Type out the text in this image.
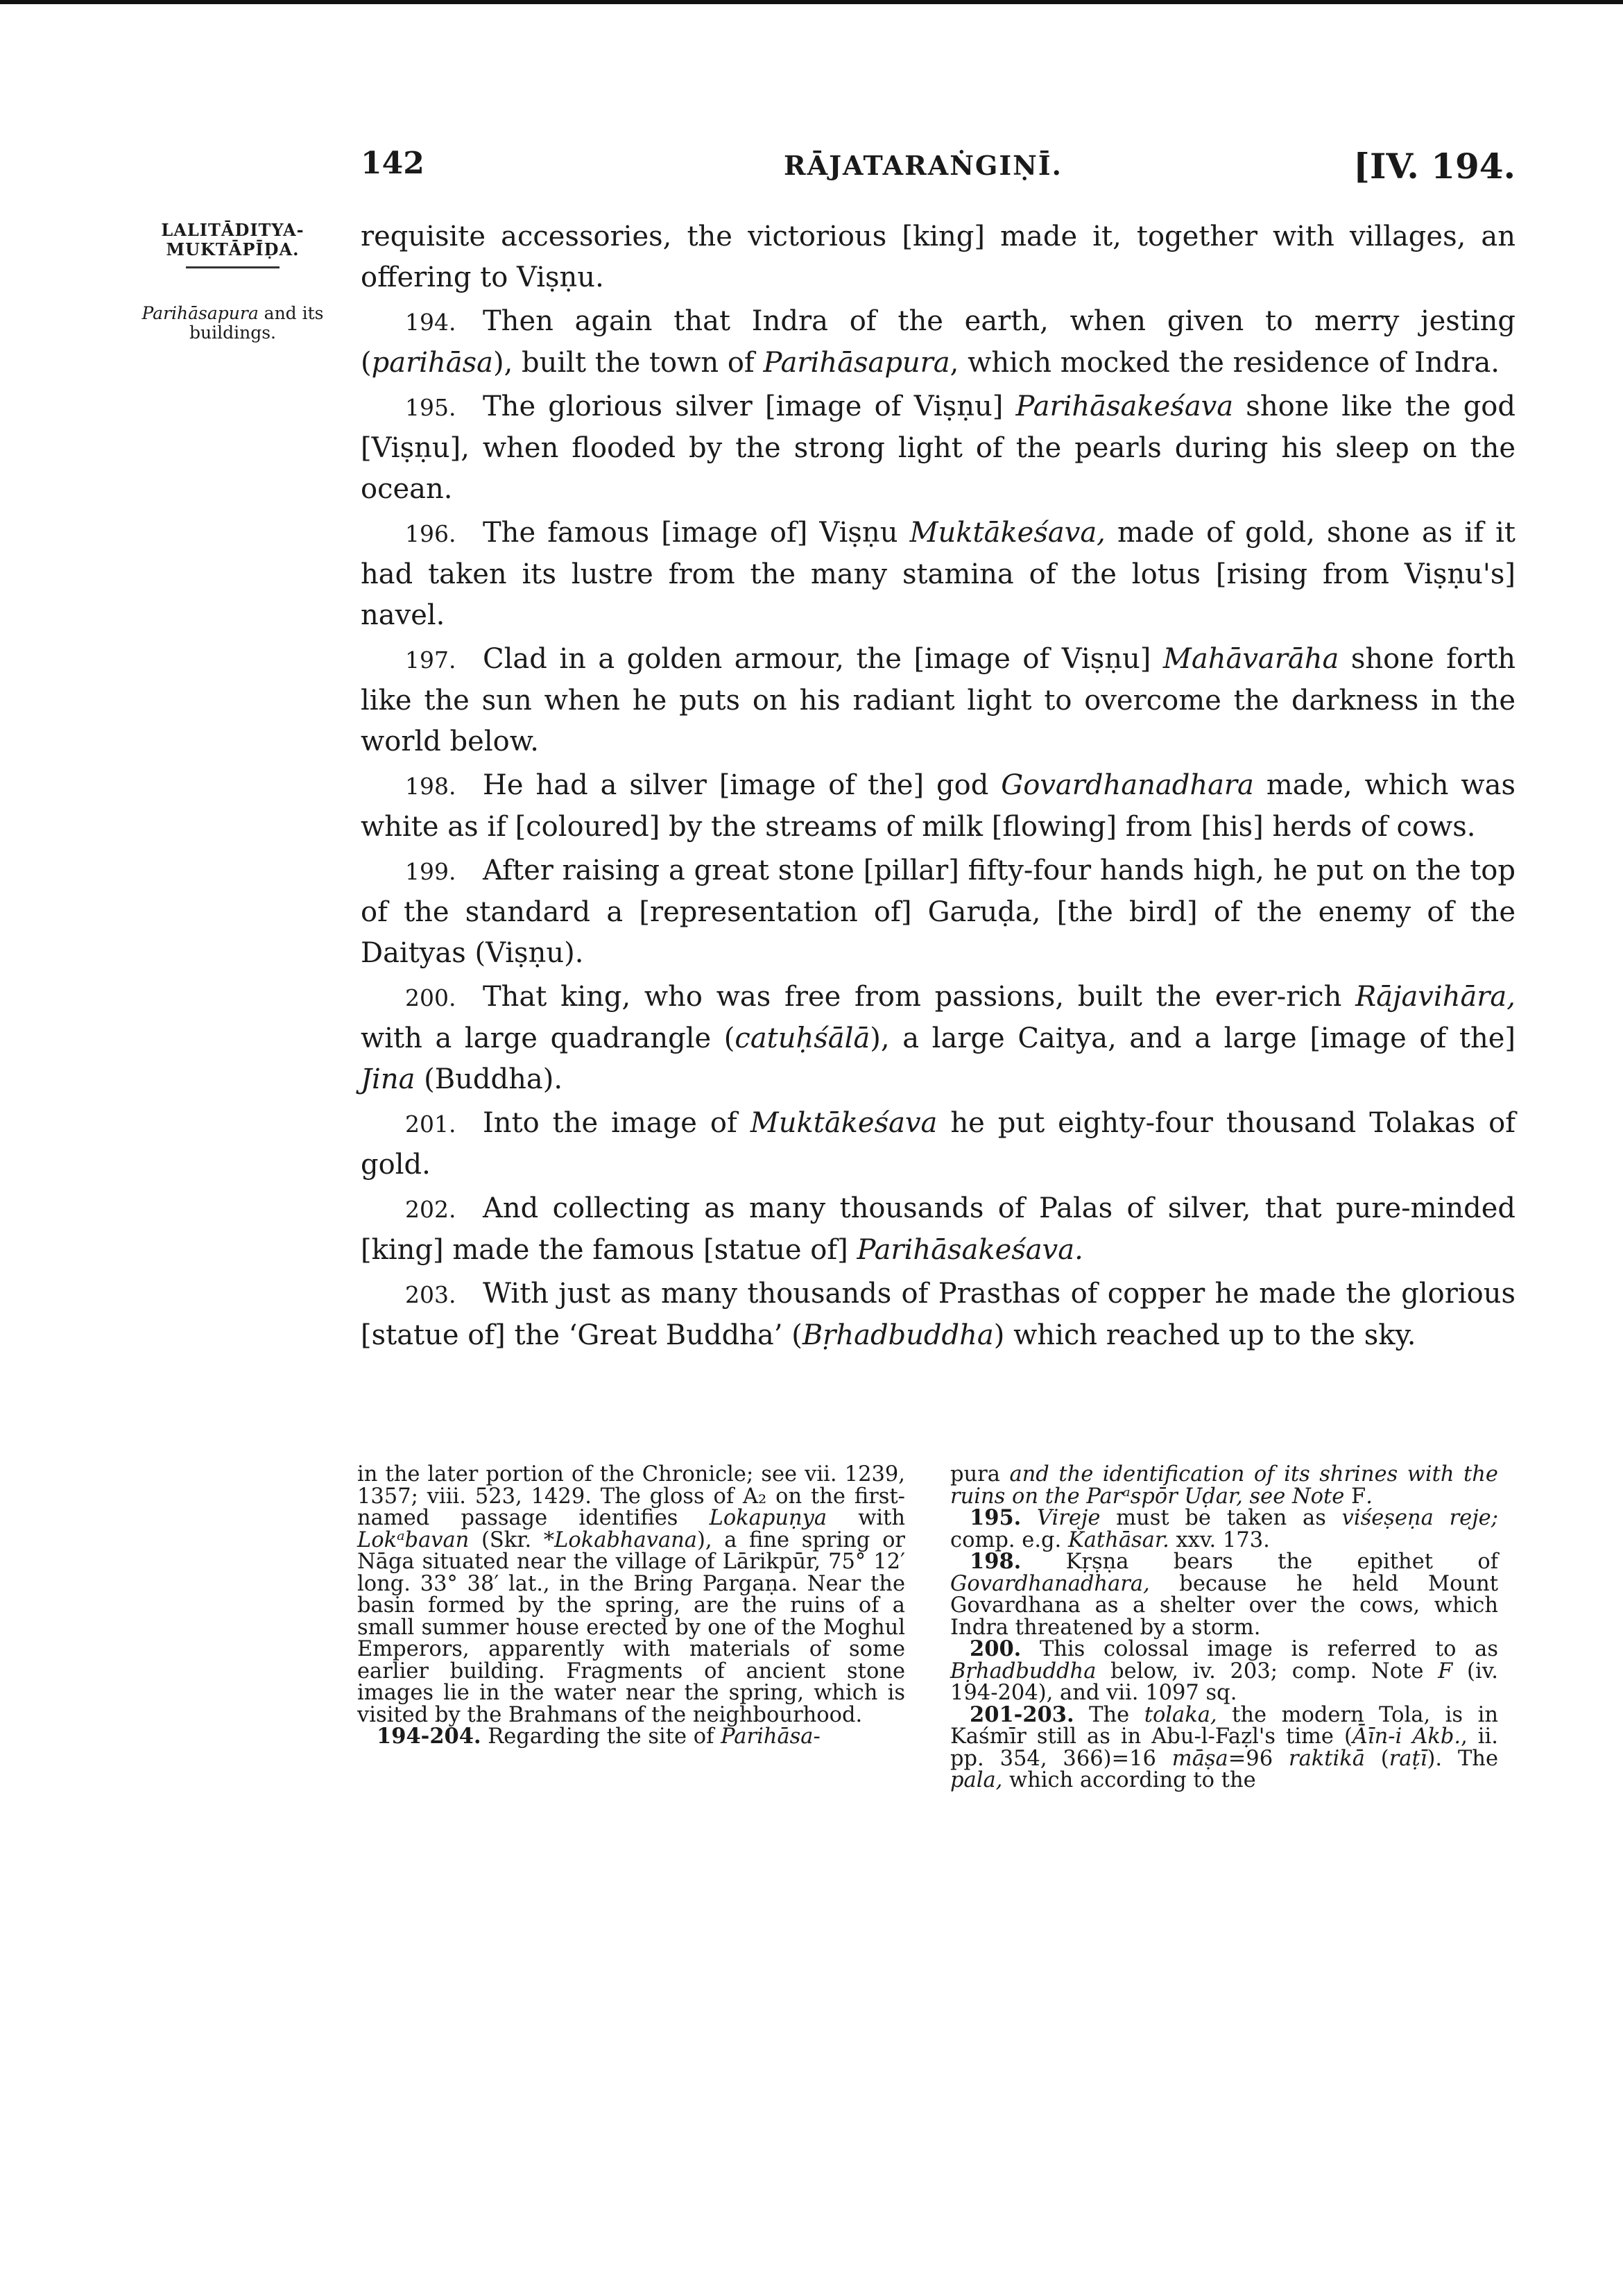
142	RĀJATARAṄGIṆĪ.	[IV. 194.
LALITĀDITYA-
MUKTĀPĪḌA.
Parihāsapura and its buildings.

requisite accessories, the victorious [king] made it, together with villages, an offering to Viṣṇu.

194. Then again that Indra of the earth, when given to merry jesting (parihāsa), built the town of Parihāsapura, which mocked the residence of Indra.

195. The glorious silver [image of Viṣṇu] Parihāsakeśava shone like the god [Viṣṇu], when flooded by the strong light of the pearls during his sleep on the ocean.

196. The famous [image of] Viṣṇu Muktākeśava, made of gold, shone as if it had taken its lustre from the many stamina of the lotus [rising from Viṣṇu's] navel.

197. Clad in a golden armour, the [image of Viṣṇu] Mahāvarāha shone forth like the sun when he puts on his radiant light to overcome the darkness in the world below.

198. He had a silver [image of the] god Govardhanadhara made, which was white as if [coloured] by the streams of milk [flowing] from [his] herds of cows.

199. After raising a great stone [pillar] fifty-four hands high, he put on the top of the standard a [representation of] Garuḍa, [the bird] of the enemy of the Daityas (Viṣṇu).

200. That king, who was free from passions, built the ever-rich Rājavihāra, with a large quadrangle (catuḥśālā), a large Caitya, and a large [image of the] Jina (Buddha).

201. Into the image of Muktākeśava he put eighty-four thousand Tolakas of gold.

202. And collecting as many thousands of Palas of silver, that pure-minded [king] made the famous [statue of] Parihāsakeśava.

203. With just as many thousands of Prasthas of copper he made the glorious [statue of] the ‘Great Buddha’ (Bṛhadbuddha) which reached up to the sky.

in the later portion of the Chronicle; see vii. 1239, 1357; viii. 523, 1429. The gloss of A₂ on the first-named passage identifies Lokapuṇya with Lokᵃbavan (Skr. *Lokabhavana), a fine spring or Nāga situated near the village of Lārikpūr, 75° 12′ long. 33° 38′ lat., in the Bring Pargaṇa. Near the basin formed by the spring, are the ruins of a small summer house erected by one of the Moghul Emperors, apparently with materials of some earlier building. Fragments of ancient stone images lie in the water near the spring, which is visited by the Brahmans of the neighbourhood.

194-204. Regarding the site of Parihāsa-

pura and the identification of its shrines with the ruins on the Parᵃspōr Uḍar, see Note F.

195. Vireje must be taken as viśeṣeṇa reje; comp. e.g. Kathāsar. xxv. 173.

198. Kṛṣṇa bears the epithet of Govardhanadhara, because he held Mount Govardhana as a shelter over the cows, which Indra threatened by a storm.

200. This colossal image is referred to as Bṛhadbuddha below, iv. 203; comp. Note F (iv. 194-204), and vii. 1097 sq.

201-203. The tolaka, the modern Tola, is in Kaśmīr still as in Abu-l-Faẓl's time (Āīn-i Akb., ii. pp. 354, 366)=16 māṣa=96 raktikā (raṭī). The pala, which according to the
